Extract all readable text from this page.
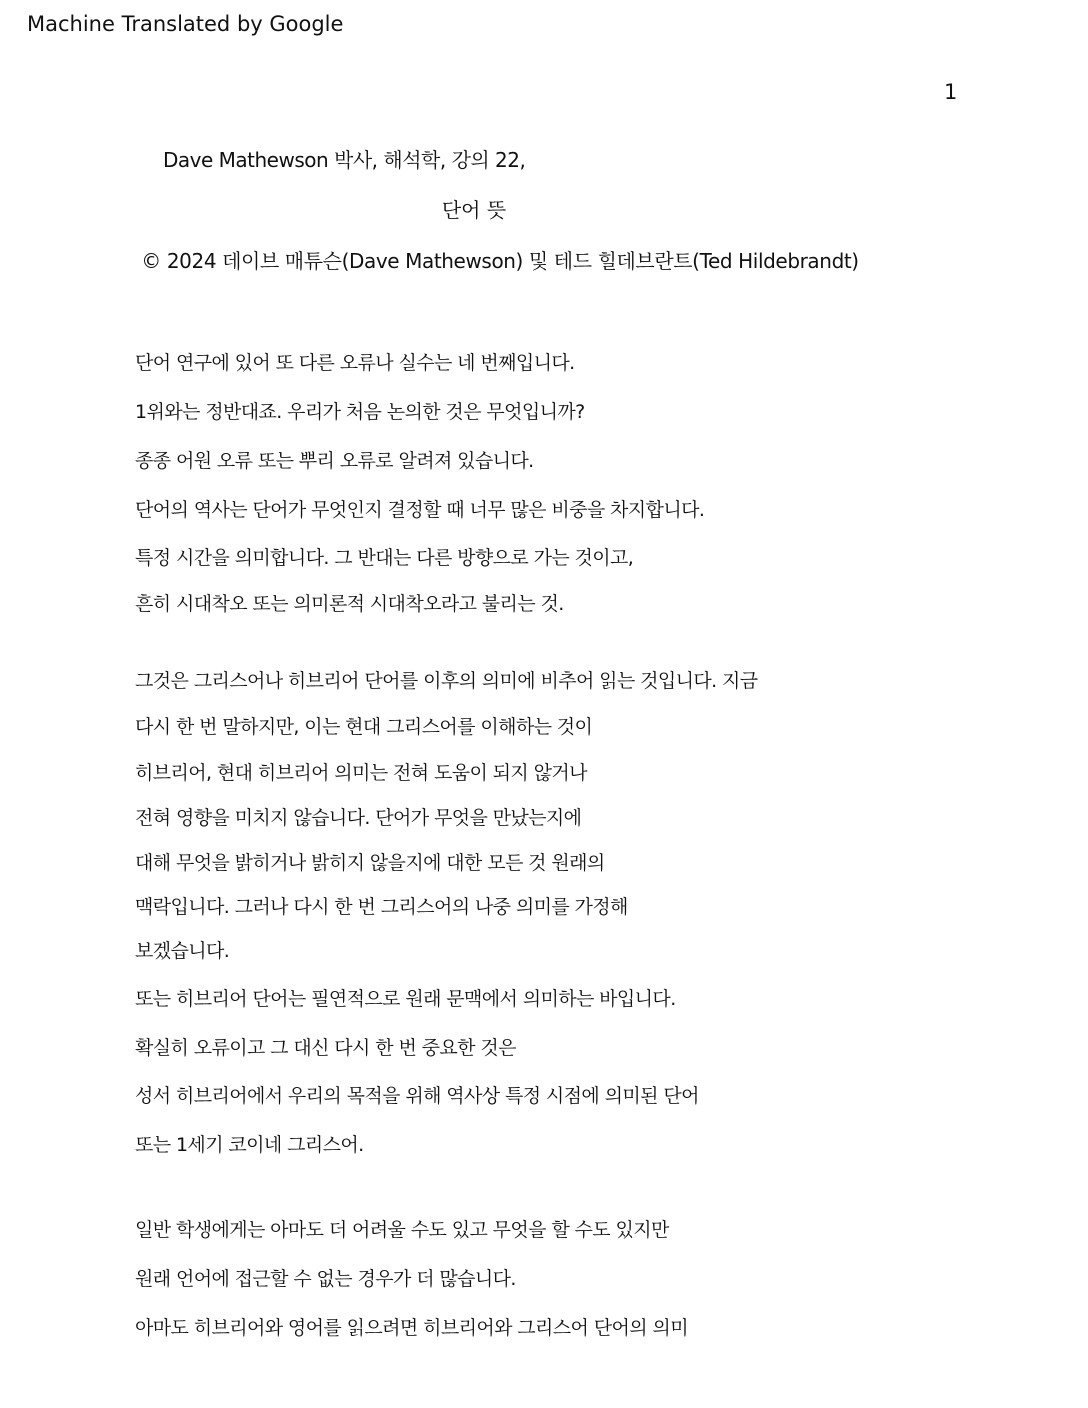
Machine Translated by Google
1
Dave Mathewson 박사, 해석학, 강의 22,
단어 뜻
© 2024 데이브 매튜슨(Dave Mathewson) 및 테드 힐데브란트(Ted Hildebrandt)
단어 연구에 있어 또 다른 오류나 실수는 네 번째입니다.
1위와는 정반대죠. 우리가 처음 논의한 것은 무엇입니까?
종종 어원 오류 또는 뿌리 오류로 알려져 있습니다.
단어의 역사는 단어가 무엇인지 결정할 때 너무 많은 비중을 차지합니다.
특정 시간을 의미합니다. 그 반대는 다른 방향으로 가는 것이고,
흔히 시대착오 또는 의미론적 시대착오라고 불리는 것.
그것은 그리스어나 히브리어 단어를 이후의 의미에 비추어 읽는 것입니다. 지금
다시 한 번 말하지만, 이는 현대 그리스어를 이해하는 것이
히브리어, 현대 히브리어 의미는 전혀 도움이 되지 않거나
전혀 영향을 미치지 않습니다. 단어가 무엇을 만났는지에
대해 무엇을 밝히거나 밝히지 않을지에 대한 모든 것 원래의
맥락입니다. 그러나 다시 한 번 그리스어의 나중 의미를 가정해
보겠습니다.
또는 히브리어 단어는 필연적으로 원래 문맥에서 의미하는 바입니다.
확실히 오류이고 그 대신 다시 한 번 중요한 것은
성서 히브리어에서 우리의 목적을 위해 역사상 특정 시점에 의미된 단어
또는 1세기 코이네 그리스어.
일반 학생에게는 아마도 더 어려울 수도 있고 무엇을 할 수도 있지만
원래 언어에 접근할 수 없는 경우가 더 많습니다.
아마도 히브리어와 영어를 읽으려면 히브리어와 그리스어 단어의 의미
